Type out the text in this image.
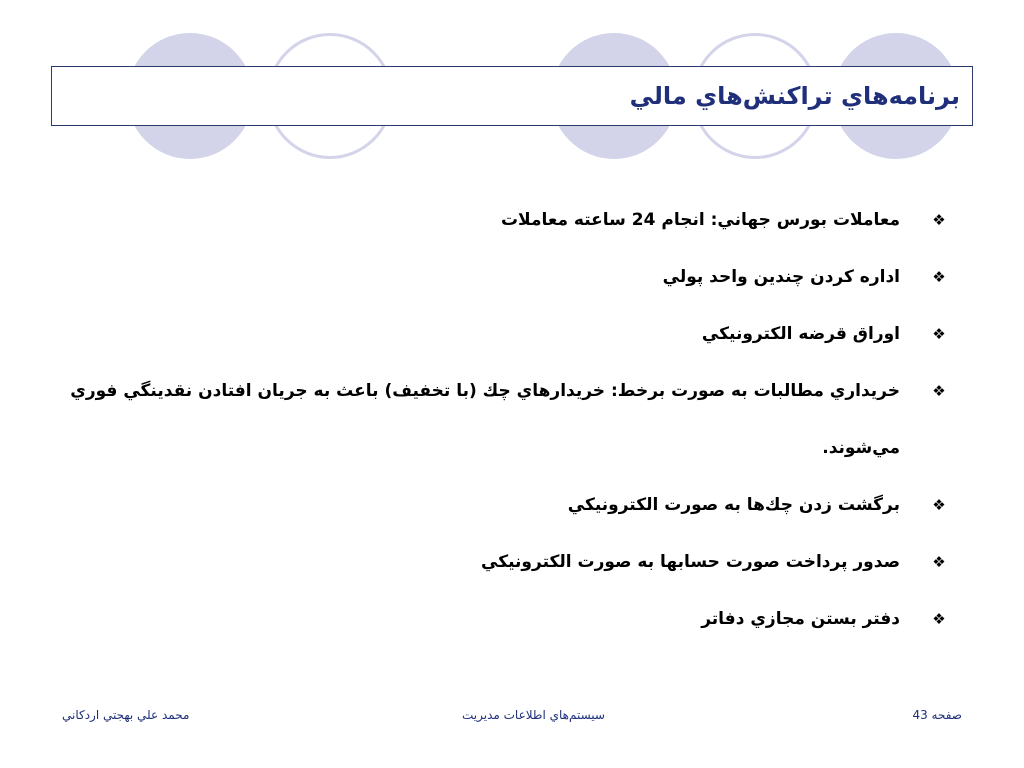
برنامه‌هاي تراكنش‌هاي مالي
❖
معاملات بورس جهاني: انجام 24 ساعته معاملات
❖
اداره كردن چندين واحد پولي
❖
اوراق قرضه الكترونيكي
❖
خريداري مطالبات به صورت برخط: خريدارهاي چك (با تخفيف) باعث به جريان افتادن نقدينگي فوري مي‌شوند.
❖
برگشت زدن چك‌ها به صورت الكترونيكي
❖
صدور پرداخت صورت حسابها به صورت الكترونيكي
❖
دفتر بستن مجازي دفاتر
صفحه 43
سيستم‌هاي اطلاعات مديريت
محمد علي بهجتي اردكاني
